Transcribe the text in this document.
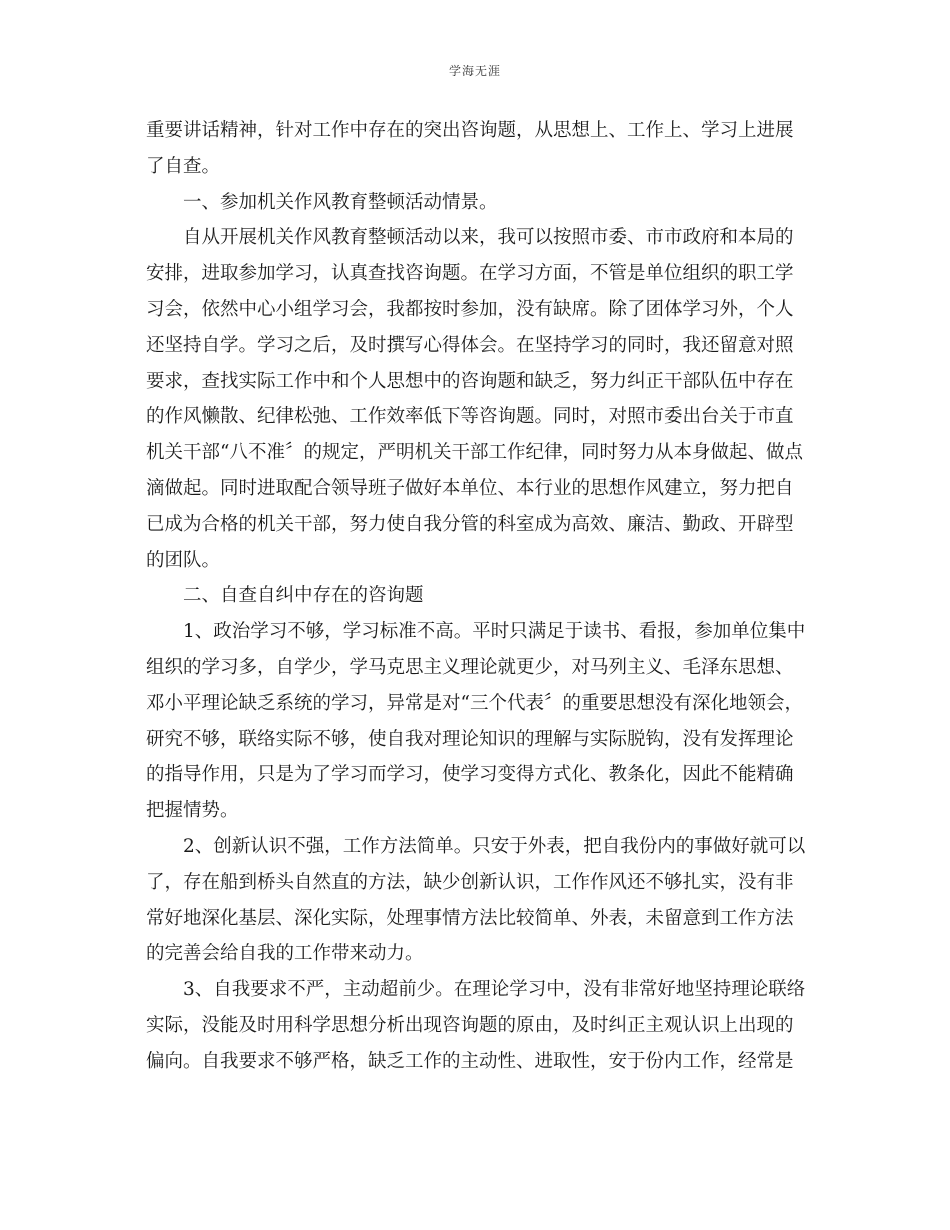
学海无涯
重要讲话精神，针对工作中存在的突出咨询题，从思想上、工作上、学习上进展
了自查。
一、参加机关作风教育整顿活动情景。
自从开展机关作风教育整顿活动以来，我可以按照市委、市市政府和本局的
安排，进取参加学习，认真查找咨询题。在学习方面，不管是单位组织的职工学
习会，依然中心小组学习会，我都按时参加，没有缺席。除了团体学习外，个人
还坚持自学。学习之后，及时撰写心得体会。在坚持学习的同时，我还留意对照
要求，查找实际工作中和个人思想中的咨询题和缺乏，努力纠正干部队伍中存在
的作风懒散、纪律松弛、工作效率低下等咨询题。同时，对照市委出台关于市直
机关干部“八不准〞的规定，严明机关干部工作纪律，同时努力从本身做起、做点
滴做起。同时进取配合领导班子做好本单位、本行业的思想作风建立，努力把自
已成为合格的机关干部，努力使自我分管的科室成为高效、廉洁、勤政、开辟型
的团队。
二、自查自纠中存在的咨询题
1、政治学习不够，学习标准不高。平时只满足于读书、看报，参加单位集中
组织的学习多，自学少，学马克思主义理论就更少，对马列主义、毛泽东思想、
邓小平理论缺乏系统的学习，异常是对“三个代表〞的重要思想没有深化地领会，
研究不够，联络实际不够，使自我对理论知识的理解与实际脱钩，没有发挥理论
的指导作用，只是为了学习而学习，使学习变得方式化、教条化，因此不能精确
把握情势。
2、创新认识不强，工作方法简单。只安于外表，把自我份内的事做好就可以
了，存在船到桥头自然直的方法，缺少创新认识，工作作风还不够扎实，没有非
常好地深化基层、深化实际，处理事情方法比较简单、外表，未留意到工作方法
的完善会给自我的工作带来动力。
3、自我要求不严，主动超前少。在理论学习中，没有非常好地坚持理论联络
实际，没能及时用科学思想分析出现咨询题的原由，及时纠正主观认识上出现的
偏向。自我要求不够严格，缺乏工作的主动性、进取性，安于份内工作，经常是
